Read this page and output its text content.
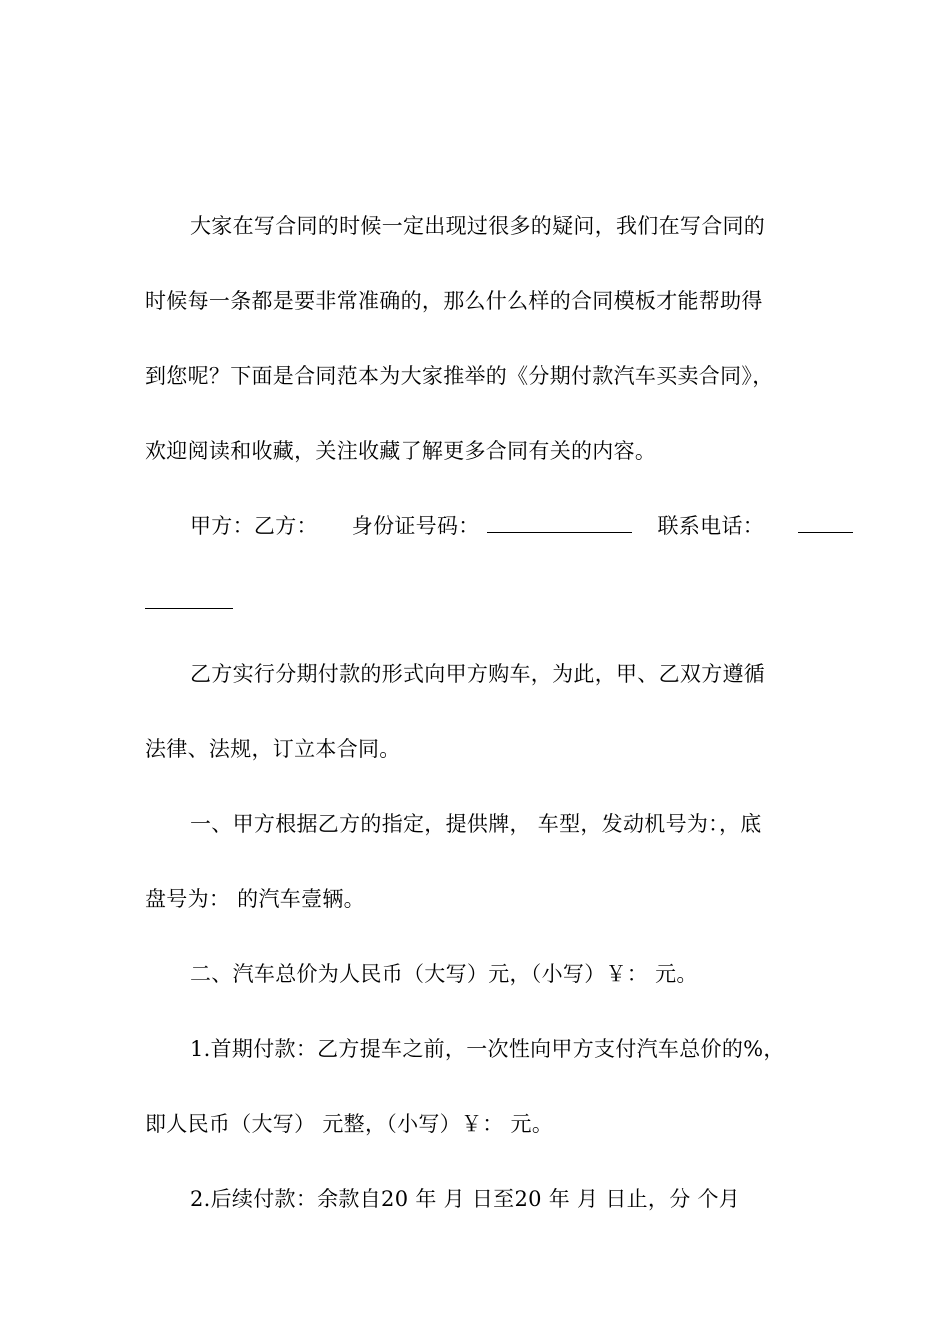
大家在写合同的时候一定出现过很多的疑问，我们在写合同的
时候每一条都是要非常准确的，那么什么样的合同模板才能帮助得
到您呢？下面是合同范本为大家推举的《分期付款汽车买卖合同》，
欢迎阅读和收藏，关注收藏了解更多合同有关的内容。
甲方：乙方： 身份证号码：	联系电话：
乙方实行分期付款的形式向甲方购车，为此，甲、乙双方遵循
法律、法规，订立本合同。
一、甲方根据乙方的指定，提供牌， 车型，发动机号为：，底
盘号为： 的汽车壹辆。
二、汽车总价为人民币（大写）元，（小写）￥： 元。
1.首期付款：乙方提车之前，一次性向甲方支付汽车总价的%，
即人民币（大写） 元整，（小写）￥： 元。
2.后续付款：余款自20 年 月 日至20 年 月 日止，分 个月
